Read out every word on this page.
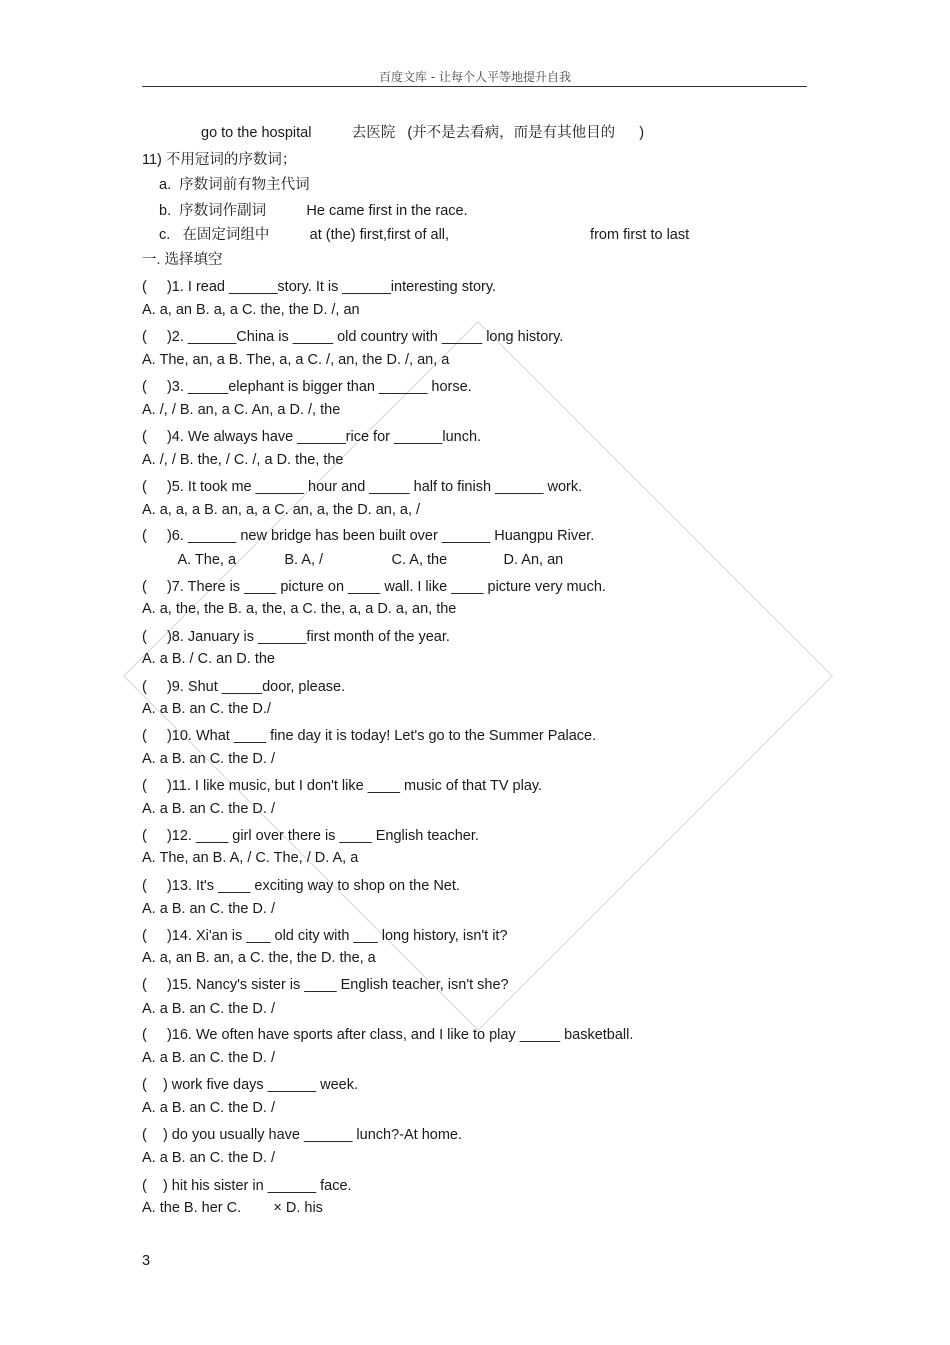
百度文库 - 让每个人平等地提升自我
go to the hospital          去医院   (并不是去看病，而是有其他目的      )
11) 不用冠词的序数词；
a.  序数词前有物主代词
b.  序数词作副词          He came first in the race.
c.   在固定词组中          at (the) first,first of all,                                   from first to last
一. 选择填空
(     )1. I read ______story. It is ______interesting story.
A. a, an B. a, a C. the, the D. /, an
(     )2. ______China is _____ old country with _____ long history.
A. The, an, a B. The, a, a C. /, an, the D. /, an, a
(     )3. _____elephant is bigger than ______ horse.
A. /, / B. an, a C. An, a D. /, the
(     )4. We always have ______rice for ______lunch.
A. /, / B. the, / C. /, a D. the, the
(     )5. It took me ______ hour and _____ half to finish ______ work.
A. a, a, a B. an, a, a C. an, a, the D. an, a, /
(     )6. ______ new bridge has been built over ______ Huangpu River.
A. The, a            B. A, /                 C. A, the              D. An, an
(     )7. There is ____ picture on ____ wall. I like ____ picture very much.
A. a, the, the B. a, the, a C. the, a, a D. a, an, the
(     )8. January is ______first month of the year.
A. a B. / C. an D. the
(     )9. Shut _____door, please.
A. a B. an C. the D./
(     )10. What ____ fine day it is today! Let's go to the Summer Palace.
A. a B. an C. the D. /
(     )11. I like music, but I don't like ____ music of that TV play.
A. a B. an C. the D. /
(     )12. ____ girl over there is ____ English teacher.
A. The, an B. A, / C. The, / D. A, a
(     )13. It's ____ exciting way to shop on the Net.
A. a B. an C. the D. /
(     )14. Xi'an is ___ old city with ___ long history, isn't it?
A. a, an B. an, a C. the, the D. the, a
(     )15. Nancy's sister is ____ English teacher, isn't she?
A. a B. an C. the D. /
(     )16. We often have sports after class, and I like to play _____ basketball.
A. a B. an C. the D. /
(    ) work five days ______ week.
A. a B. an C. the D. /
(    ) do you usually have ______ lunch?-At home.
A. a B. an C. the D. /
(    ) hit his sister in ______ face.
A. the B. her C.        × D. his
3
